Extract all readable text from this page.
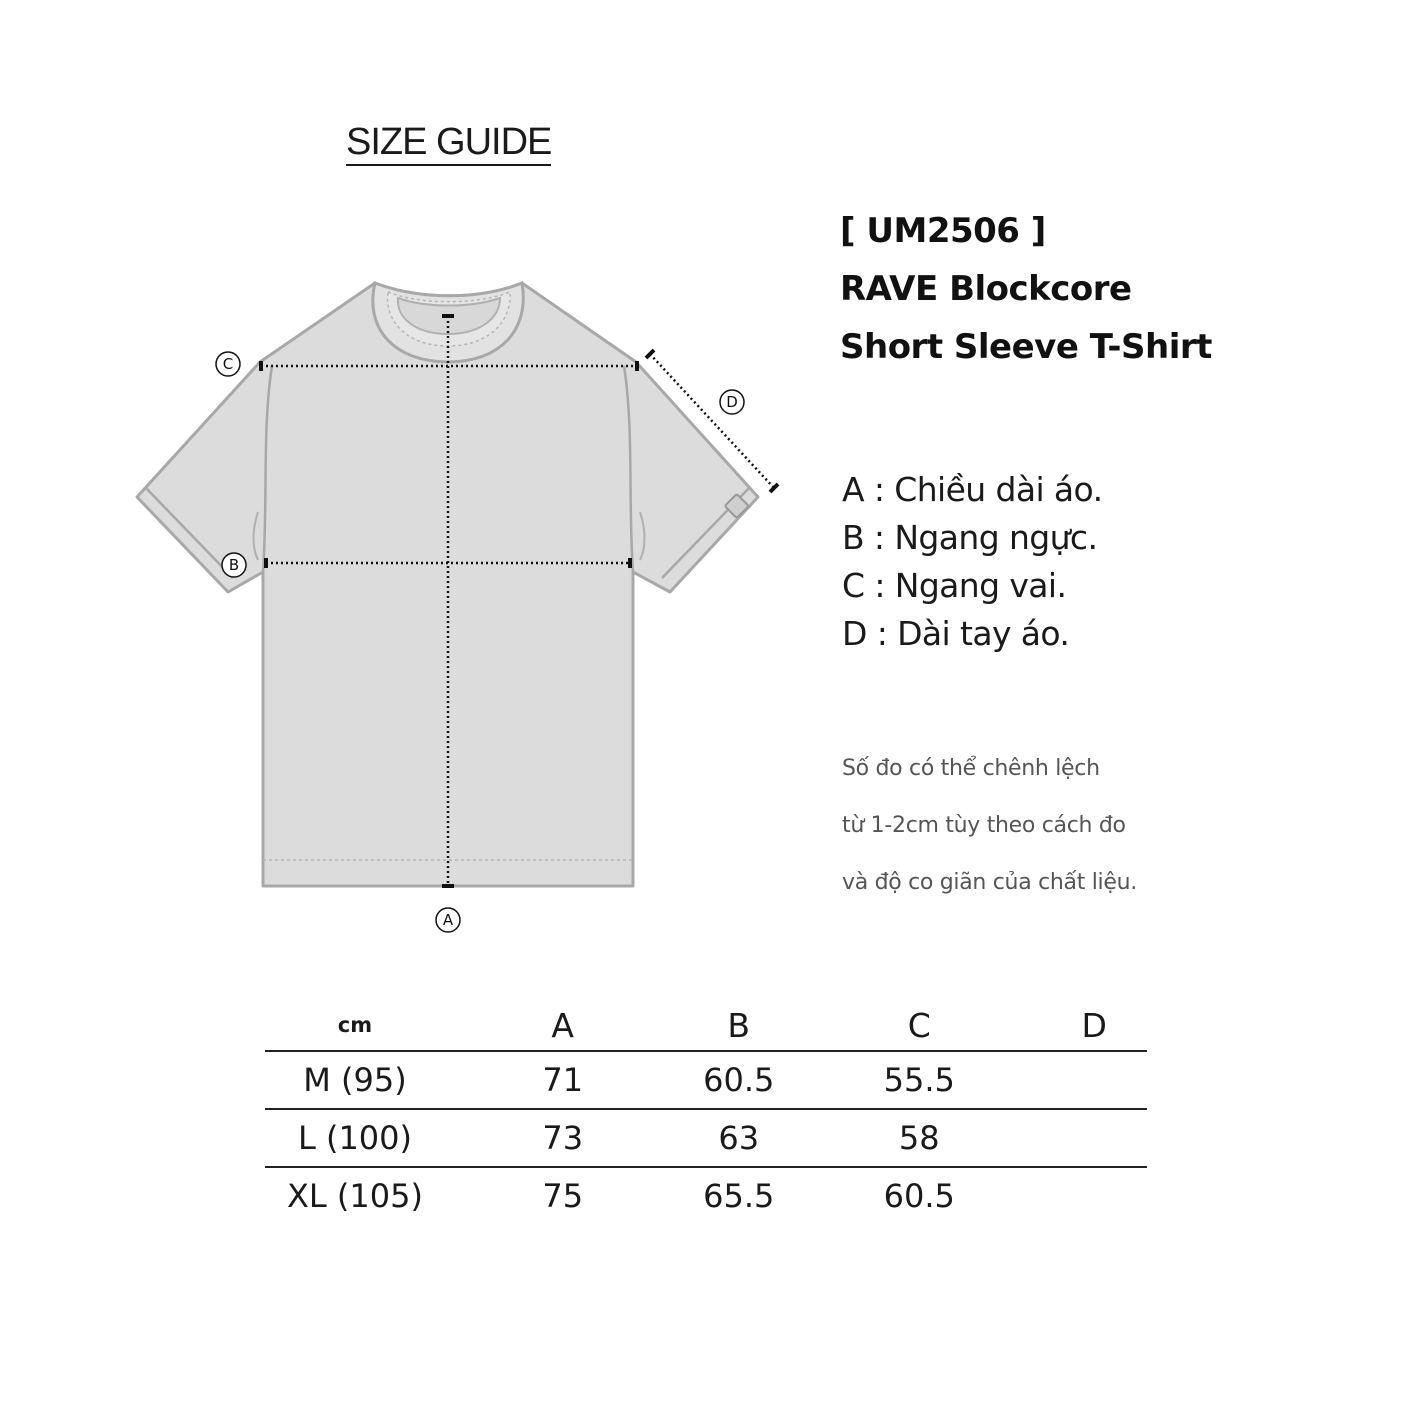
SIZE GUIDE
[ UM2506 ]
RAVE Blockcore
Short Sleeve T-Shirt
A : Chiều dài áo.
B : Ngang ngực.
C : Ngang vai.
D : Dài tay áo.
Số đo có thể chênh lệch
từ 1-2cm tùy theo cách đo
và độ co giãn của chất liệu.
C
D
B
A
cm	A	B	C	D
M (95)	71	60.5	55.5	
L (100)	73	63	58	
XL (105)	75	65.5	60.5	
